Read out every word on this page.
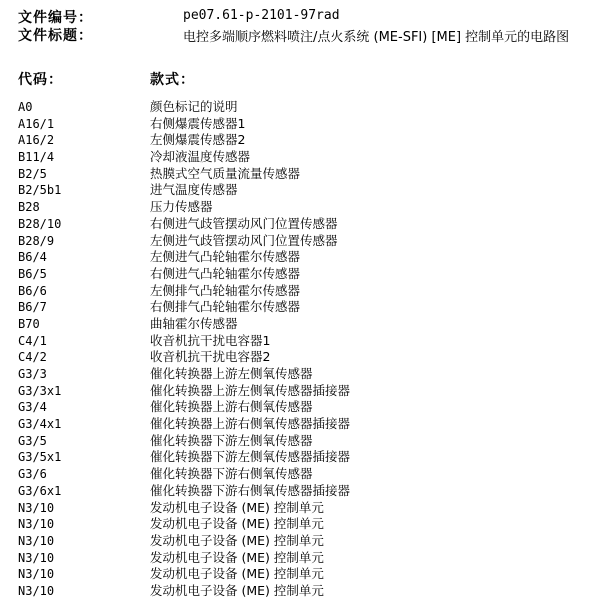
文件编号：	pe07.61-p-2101-97rad
文件标题：	电控多端顺序燃料喷注/点火系统 (ME-SFI) [ME] 控制单元的电路图
代码：	款式：
A0	颜色标记的说明
A16/1	右侧爆震传感器1
A16/2	左侧爆震传感器2
B11/4	冷却液温度传感器
B2/5	热膜式空气质量流量传感器
B2/5b1	进气温度传感器
B28	压力传感器
B28/10	右侧进气歧管摆动风门位置传感器
B28/9	左侧进气歧管摆动风门位置传感器
B6/4	左侧进气凸轮轴霍尔传感器
B6/5	右侧进气凸轮轴霍尔传感器
B6/6	左侧排气凸轮轴霍尔传感器
B6/7	右侧排气凸轮轴霍尔传感器
B70	曲轴霍尔传感器
C4/1	收音机抗干扰电容器1
C4/2	收音机抗干扰电容器2
G3/3	催化转换器上游左侧氧传感器
G3/3x1	催化转换器上游左侧氧传感器插接器
G3/4	催化转换器上游右侧氧传感器
G3/4x1	催化转换器上游右侧氧传感器插接器
G3/5	催化转换器下游左侧氧传感器
G3/5x1	催化转换器下游左侧氧传感器插接器
G3/6	催化转换器下游右侧氧传感器
G3/6x1	催化转换器下游右侧氧传感器插接器
N3/10	发动机电子设备 (ME) 控制单元
N3/10	发动机电子设备 (ME) 控制单元
N3/10	发动机电子设备 (ME) 控制单元
N3/10	发动机电子设备 (ME) 控制单元
N3/10	发动机电子设备 (ME) 控制单元
N3/10	发动机电子设备 (ME) 控制单元
